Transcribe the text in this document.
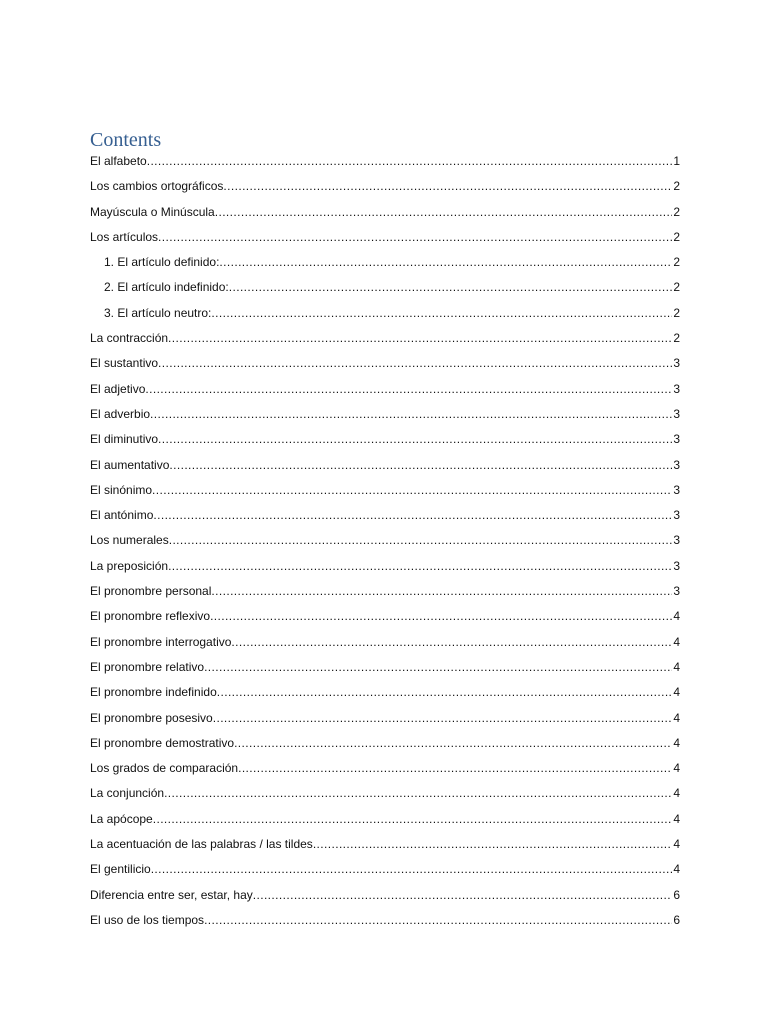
Contents
El alfabeto .....	1
Los cambios ortográficos .....	2
Mayúscula o Minúscula .....	2
Los artículos .....	2
1. El artículo definido: .....	2
2. El artículo indefinido: .....	2
3. El artículo neutro: .....	2
La contracción .....	2
El sustantivo .....	3
El adjetivo .....	3
El adverbio .....	3
El diminutivo .....	3
El aumentativo .....	3
El sinónimo .....	3
El antónimo .....	3
Los numerales .....	3
La preposición .....	3
El pronombre personal .....	3
El pronombre reflexivo .....	4
El pronombre interrogativo .....	4
El pronombre relativo .....	4
El pronombre indefinido .....	4
El pronombre posesivo .....	4
El pronombre demostrativo .....	4
Los grados de comparación .....	4
La conjunción .....	4
La apócope .....	4
La acentuación de las palabras / las tildes .....	4
El gentilicio .....	4
Diferencia entre ser, estar, hay .....	6
El uso de los tiempos .....	6
